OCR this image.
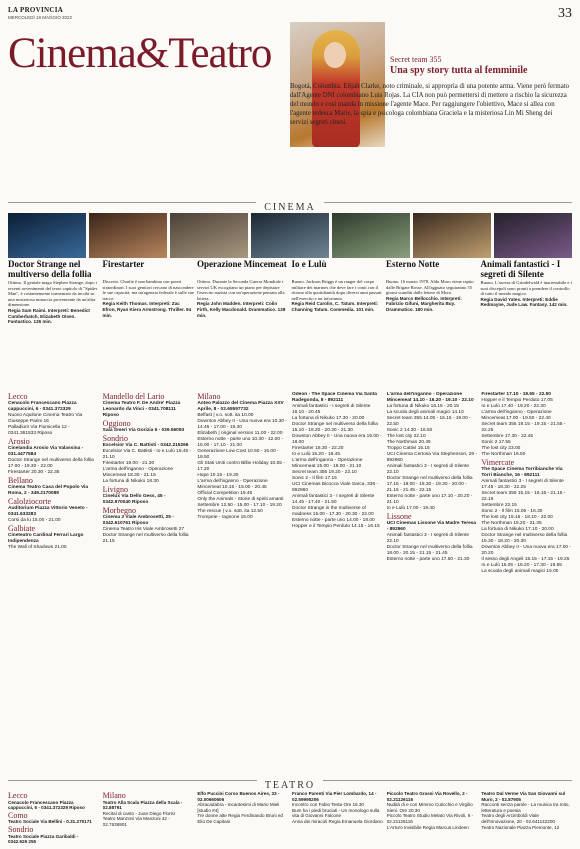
LA PROVINCIA
MERCOLEDÌ 18 MAGGIO 2022	33
Cinema&Teatro	Secret team 355
Una spy story tutta al femminile
Bogotá, Colombia. Elijah Clarke, noto criminale, si appropria di una potente arma. Viene però fermato dall'Agente DNI colombiano Luis Rojas. La CIA non può permettersi di mettere a rischio la sicurezza del mondo e così manda in missione l'agente Mace. Per raggiungere l'obiettivo, Mace si allea con l'agente tedesca Marie, la spia e psicologa colombiana Graciela e la misteriosa Lin Mi Sheng dei servizi segreti cinesi.
CINEMA
Doctor Strange nel multiverso della follia
Ottimo. Il geniale mago Stephen Strange, dopo i recenti avvenimenti del terzo capitolo di "Spider Man", è costantemente tormentato da incubi su una misteriosa minaccia proveniente da un'altra dimensione.
Regia Sam Raimi. Interpreti: Benedict Cumberbatch, Elizabeth Olsen. Fantastico. 126 min.
Firestarter
Discreto. Charlie è una bambina con poteri straordinari. I suoi genitori cercano di nascondere le sue capacità, ma un'agenzia federale è sulle sue tracce.
Regia Keith Thomas. Interpreti: Zac Efron, Ryan Kiera Armstrong. Thriller. 94 min.
Operazione Mincemeat
Ottimo. Durante la Seconda Guerra Mondiale i servizi UK escogitano un piano per depistare l'esercito nazista con un'operazione pensata alla lettera.
Regia John Madden. Interpreti: Colin Firth, Kelly Macdonald. Drammatico. 128 min.
Io e Lulù
Buono. Jackson Briggs è un ranger del corpo militare dei marines che deve fare i conti con il ritorno alla quotidianità dopo diversi anni passati nell'esercito e un infortunio.
Regia Reid Carolin, C. Tatum. Interpreti: Channing Tatum. Commedia. 101 min.
Esterno Notte
Buono. 16 marzo 1978. Aldo Moro viene rapito dalle Brigate Rosse. All'agguato seguiranno 55 giorni scanditi dalle lettere di Moro.
Regia Marco Bellocchio. Interpreti: Fabrizio Gifuni, Margherita Buy. Drammatico. 180 min.
Animali fantastici - I segreti di Silente
Buono. L'ascesa di Grindelwald è inarrestabile e i suoi discepoli sono pronti a prendere il controllo di tutto il mondo magico.
Regia David Yates. Interpreti: Eddie Redmayne, Jude Law. Fantasy. 142 min.
Lecco
Cenacolo Francescano Piazza cappuccini, 6 - 0341.372329
Nuovo Aquilone Cinema Teatro Via Giuseppe Parini 16
Palladium Via Fiumicella 12 - 0341.361533 Riposo
Arosio
Cinelandia Arosio Via Valassina - 031.4477584
Doctor Strange nel multiverso della follia 17.00 - 19.30 - 22.00
Firestarter 20.30 - 22.35
Bellano
Cinema Teatro Casa del Popolo Via Roma, 2 - 349.2170089
Calolziocorte
Auditorium Piazza Vittorio Veneto - 0341.633283
Corsi da lu 15.00 - 21.00
Galbiate
Cineteatro Cardinal Ferrari Largo Indipendenza
The Wall of Shadows 21.00
Mandello del Lario
Cinema Teatro F. De Andre' Piazza Leonardo da Vinci - 0341.708111 Riposo
Oggiono
Sala Smeri Via Gorizia 6 - 039.56093
Sondrio
Excelsior Via C. Battisti - 0342.215266
Excelsior Via C. Battisti - Io e Lulù 18.45 - 21.10
Firestarter 19.00 - 21.30
L'arma dell'inganno - Operazione Mincemeat 18.30 - 21.15
La fortuna di Nikuko 18.30
Livigno
Cinelux Via Dello Gess, 45 - 0342.970040 Riposo
Morbegno
Cinema 3 Viale Ambrosetti, 25 - 0342.610761 Riposo
Cinema Teatro Iris Viale Ambrosetti 27
Doctor Strange nel multiverso della follia 21.15
Milano
Anteo Palazzo del Cinema Piazza XXV Aprile, 8 - 02.65597732
Belfast | v.o. sott. ita 10.00
Downton Abbey II - Una nuova era 10.30 - 14.45 - 17.00 - 19.30
Elizabeth | original version 11.00 - 22.00
Esterno notte - parte uno 10.30 - 12.00 - 15.00 - 17.10 - 21.00
Generazione Low Cost 10.50 - 15.00 - 19.50
Gli Stati Uniti contro Billie Holiday 10.55 - 17.20
Hope 10.15 - 19.30
L'arma dell'inganno - Operazione Mincemeat 10.15 - 15.00 - 20.45
Official Competition 19.45
Only the Animals - Storie di spiriti amanti
Settembre 12.50 - 15.00 - 17.10 - 19.20
The rescue | v.o. sott. ita 12.50
Trompeie - ragnone 15.00
Odeon - The Space Cinema Via Santa Radegonda, 8 - 892111
Animali fantastici - I segreti di Silente 16.10 - 20.45
La fortuna di Nikuko 17.30 - 20.00
Doctor Strange nel multiverso della follia 15.10 - 18.20 - 20.30 - 21.30
Downton Abbey II - Una nuova era 15.00 - 18.00
Firestarter 18.30 - 22.20
Io e Lulù 15.20 - 19.45
L'arma dell'inganno - Operazione Mincemeat 15.00 - 18.00 - 21.10
Secret team 355 19.20 - 22.10
Sonic 2 - Il film 17.15
UCI Cinemas Bicocca Viale Sarca, 336 - 892960
Animali fantastici 3 - I segreti di Silente 14.45 - 17.40 - 21.50
Doctor Strange in the multiverse of madness 15.00 - 17.30 - 20.30 - 22.00
Esterno notte - parte uno 14.00 - 18.00
Hopper e il Tempio Perduto 14.15 - 16.15
L'arma dell'inganno - Operazione Mincemeat 14.10 - 16.20 - 19.10 - 22.10
La fortuna di Nikuko 16.15 - 20.15
La scuola degli animali magici 14.10
Secret team 355 14.05 - 16.15 - 19.00 - 22.50
Sonic 2 14.30 - 16.50
The lost city 22.10
The Northman 20.45
Troppo Cattivi 15.15
UCI Cinema Certosa Via Stephenson, 29 - 892960
Animali fantastici 3 - I segreti di Silente 22.10
Doctor Strange nel multiverso della follia 17.15 - 18.00 - 18.30 - 19.30 - 20.00 - 21.15 - 21.45 - 22.15
Esterno notte - parte uno 17.10 - 20.20 - 21.10
Io e Lulù 17.00 - 19.40
Lissone
UCI Cinemas Lissone Via Madre Teresa - 892960
Animali fantastici 3 - I segreti di Silente 22.10
Doctor Strange nel multiverso della follia 18.00 - 20.15 - 21.15 - 21.45
Esterno notte - parte uno 17.50 - 21.30
Firestarter 17.10 - 19.55 - 22.50
Hopper e il Tempio Perduto 17.05
Io e Lulù 17.40 - 19.20 - 22.30
L'arma dell'inganno - Operazione Mincemeat 17.00 - 19.50 - 22.40
Secret team 355 19.15 - 19.15 - 21.55 - 22.25
Settembre 17.30 - 22.45
Sonic 2 17.55
The lost city 23.00
The Northman 16.50
Vimercate
The Space Cinema Torribianche Via Torri Bianche, 16 - 892111
Animali fantastici 3 - I segreti di Silente 17.45 - 18.30 - 22.25
Secret team 355 15.15 - 16.15 - 21.15 - 22.15
Settembre 22.15
Sonic 2 - Il film 15.05 - 16.30
The lost city 15.15 - 18.10 - 22.00
The Northman 15.20 - 21.35
La fortuna di Nikuko 17.10 - 20.00
Doctor Strange nel multiverso della follia 15.30 - 18.20 - 20.30
Downton Abbey II - Una nuova era 17.00 - 20.20
Il sesso degli Angeli 15.15 - 17.15 - 19.25
Io e Lulù 15.05 - 16.20 - 17.30 - 19.55
La scuola degli animali magici 15.00
TEATRO
Lecco
Cenacolo Francescano Piazza cappuccini, 6 - 0341.372329 Riposo
Como
Teatro Sociale Via Bellini - 0.31.270171
Sondrio
Teatro Sociale Piazza Garibaldi - 0342.526 255
Milano
Teatro Alla Scala Piazza della Scala - 02.88791
Recital di canto - Juan Diego Florez
Teatro Manzoni Via Manzoni 42 - 02.7636901
Elfo Puccini Corso Buenos Aires, 33 - 02.00660606
Abracadabra - Incantesimi di Mario Mieli [studio #4]
Tre donne alte Regia Ferdinando Bruni ed Elio De Capitani
Franco Parenti Via Pier Lombardo, 14 - 02.59995206
Incontro con Fabio Testa Ore 18.30
Bum ha i piedi bruciati - Un monologo sulla vita di Giovanni Falcone
Anna dei miracoli Regia Emanuela Giordano
Piccolo Teatro Grassi Via Rovello, 2 - 02.21126116
Nudità di e con Mimmo Cuticchio e Virgilio Sieni. Ore 20.30
Piccolo Teatro Studio Melato Via Rivoli, 6 - 02.21126116
L'Arturo Invisibile Regia Marcus Lindeen
Teatro Dal Verme Via San Giovanni sul Muro, 2 - 02.87905
Racconti senza parole - La musica tra mito, letteratura e poesia
Teatro degli Arcimboldi Viale dell'Innovazione, 20 - 02.641142200
Teatro Nazionale Piazza Piemonte, 12
